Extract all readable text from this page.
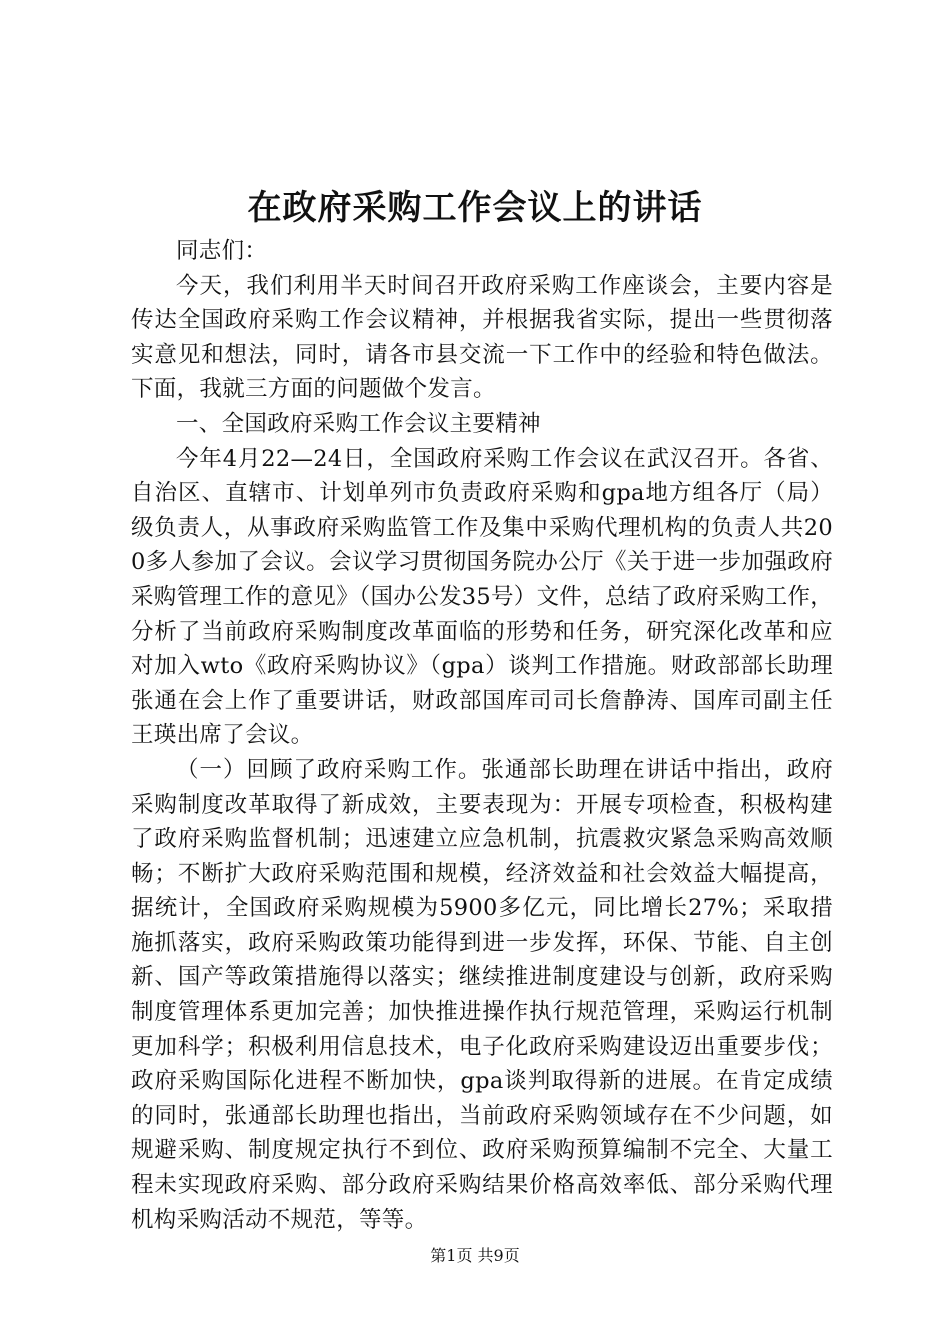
在政府采购工作会议上的讲话

同志们：

今天，我们利用半天时间召开政府采购工作座谈会，主要内容是传达全国政府采购工作会议精神，并根据我省实际，提出一些贯彻落实意见和想法，同时，请各市县交流一下工作中的经验和特色做法。下面，我就三方面的问题做个发言。

一、全国政府采购工作会议主要精神

今年4月22—24日，全国政府采购工作会议在武汉召开。各省、自治区、直辖市、计划单列市负责政府采购和gpa地方组各厅（局）级负责人，从事政府采购监管工作及集中采购代理机构的负责人共200多人参加了会议。会议学习贯彻国务院办公厅《关于进一步加强政府采购管理工作的意见》（国办公发35号）文件，总结了政府采购工作，分析了当前政府采购制度改革面临的形势和任务，研究深化改革和应对加入wto《政府采购协议》（gpa）谈判工作措施。财政部部长助理张通在会上作了重要讲话，财政部国库司司长詹静涛、国库司副主任王瑛出席了会议。

（一）回顾了政府采购工作。张通部长助理在讲话中指出，政府采购制度改革取得了新成效，主要表现为：开展专项检查，积极构建了政府采购监督机制；迅速建立应急机制，抗震救灾紧急采购高效顺畅；不断扩大政府采购范围和规模，经济效益和社会效益大幅提高，据统计，全国政府采购规模为5900多亿元，同比增长27%；采取措施抓落实，政府采购政策功能得到进一步发挥，环保、节能、自主创新、国产等政策措施得以落实；继续推进制度建设与创新，政府采购制度管理体系更加完善；加快推进操作执行规范管理，采购运行机制更加科学；积极利用信息技术，电子化政府采购建设迈出重要步伐；政府采购国际化进程不断加快，gpa谈判取得新的进展。在肯定成绩的同时，张通部长助理也指出，当前政府采购领域存在不少问题，如规避采购、制度规定执行不到位、政府采购预算编制不完全、大量工程未实现政府采购、部分政府采购结果价格高效率低、部分采购代理机构采购活动不规范，等等。

第1页 共9页
